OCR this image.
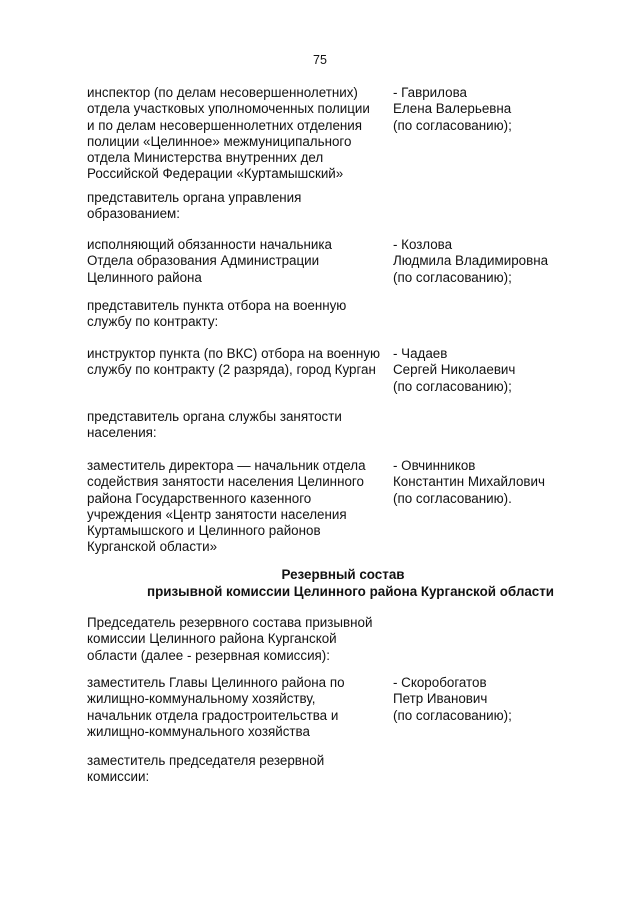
75
инспектор (по делам несовершеннолетних)
отдела участковых уполномоченных полиции
и по делам несовершеннолетних отделения
полиции «Целинное» межмуниципального
отдела Министерства внутренних дел
Российской Федерации «Куртамышский»
- Гаврилова
Елена Валерьевна
(по согласованию);
представитель органа управления
образованием:
исполняющий обязанности начальника
Отдела образования Администрации
Целинного района
- Козлова
Людмила Владимировна
(по согласованию);
представитель пункта отбора на военную
службу по контракту:
инструктор пункта (по ВКС) отбора на военную
службу по контракту (2 разряда), город Курган
- Чадаев
Сергей Николаевич
(по согласованию);
представитель органа службы занятости
населения:
заместитель директора — начальник отдела
содействия занятости населения Целинного
района Государственного казенного
учреждения «Центр занятости населения
Куртамышского и Целинного районов
Курганской области»
- Овчинников
Константин Михайлович
(по согласованию).
Резервный состав
призывной комиссии Целинного района Курганской области
Председатель резервного состава призывной
комиссии Целинного района Курганской
области (далее - резервная комиссия):
заместитель Главы Целинного района по
жилищно-коммунальному хозяйству,
начальник отдела градостроительства и
жилищно-коммунального хозяйства
- Скоробогатов
Петр Иванович
(по согласованию);
заместитель председателя резервной
комиссии:
